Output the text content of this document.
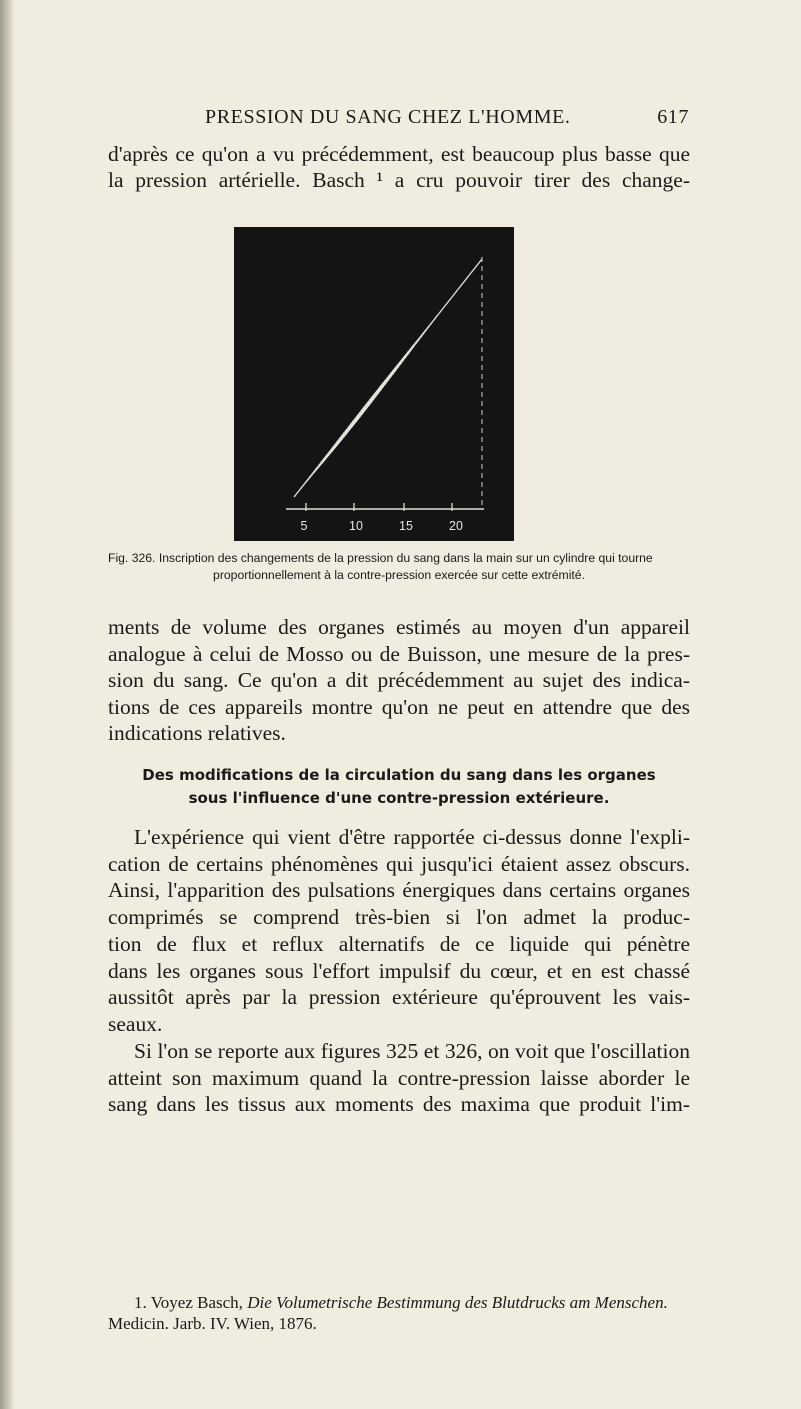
PRESSION DU SANG CHEZ L'HOMME.	617
d'après ce qu'on a vu précédemment, est beaucoup plus basse que
la pression artérielle. Basch ¹ a cru pouvoir tirer des change-
5	10	15	20
Fig. 326. Inscription des changements de la pression du sang dans la main sur un cylindre qui tourne
proportionnellement à la contre-pression exercée sur cette extrémité.
ments de volume des organes estimés au moyen d'un appareil
analogue à celui de Mosso ou de Buisson, une mesure de la pres-
sion du sang. Ce qu'on a dit précédemment au sujet des indica-
tions de ces appareils montre qu'on ne peut en attendre que des
indications relatives.
Des modifications de la circulation du sang dans les organes
sous l'influence d'une contre-pression extérieure.
L'expérience qui vient d'être rapportée ci-dessus donne l'expli-
cation de certains phénomènes qui jusqu'ici étaient assez obscurs.
Ainsi, l'apparition des pulsations énergiques dans certains organes
comprimés se comprend très-bien si l'on admet la produc-
tion de flux et reflux alternatifs de ce liquide qui pénètre
dans les organes sous l'effort impulsif du cœur, et en est chassé
aussitôt après par la pression extérieure qu'éprouvent les vais-
seaux.
Si l'on se reporte aux figures 325 et 326, on voit que l'oscillation
atteint son maximum quand la contre-pression laisse aborder le
sang dans les tissus aux moments des maxima que produit l'im-
1. Voyez Basch, Die Volumetrische Bestimmung des Blutdrucks am Menschen.
Medicin. Jarb. IV. Wien, 1876.
